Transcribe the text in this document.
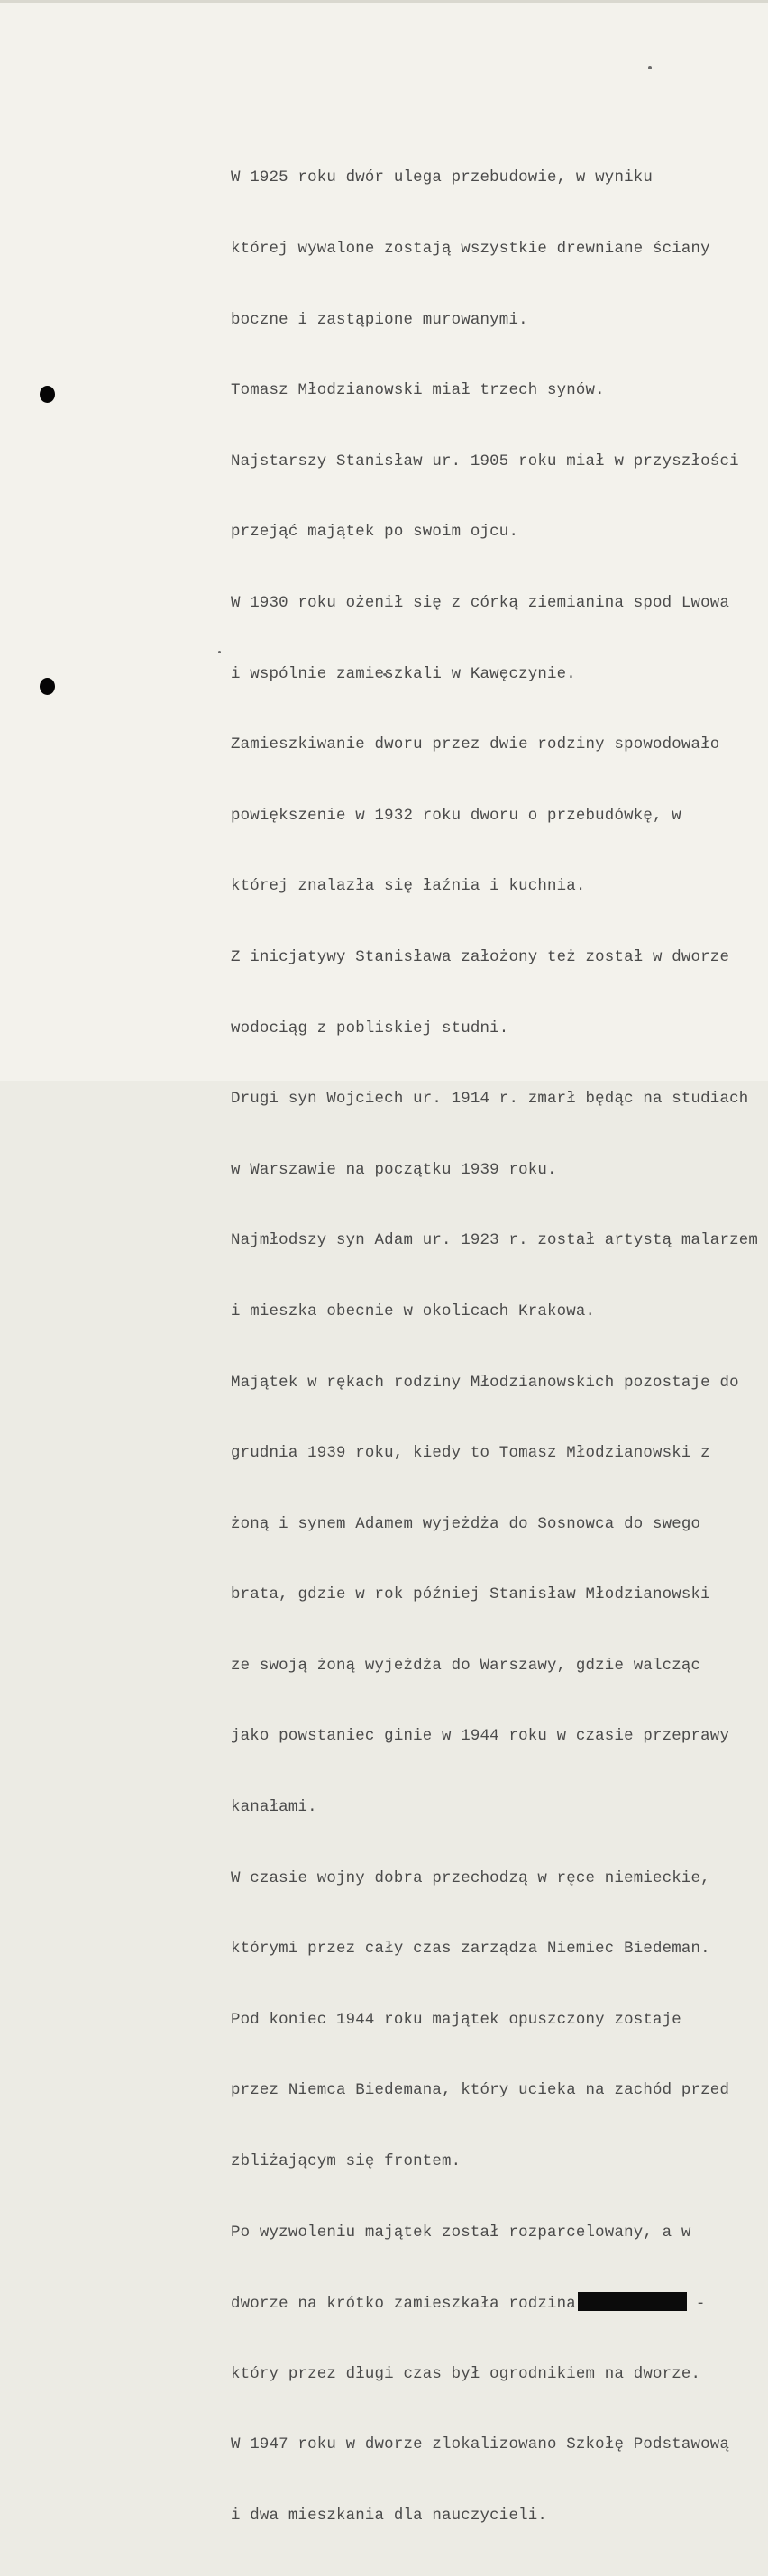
W 1925 roku dwór ulega przebudowie, w wyniku

której wywalone zostają wszystkie drewniane ściany

boczne i zastąpione murowanymi.

Tomasz Młodzianowski miał trzech synów.

Najstarszy Stanisław ur. 1905 roku miał w przyszłości

przejąć majątek po swoim ojcu.

W 1930 roku ożenił się z córką ziemianina spod Lwowa

i wspólnie zamieszkali w Kawęczynie.

Zamieszkiwanie dworu przez dwie rodziny spowodowało

powiększenie w 1932 roku dworu o przebudówkę, w

której znalazła się łaźnia i kuchnia.

Z inicjatywy Stanisława założony też został w dworze

wodociąg z pobliskiej studni.

Drugi syn Wojciech ur. 1914 r. zmarł będąc na studiach

w Warszawie na początku 1939 roku.

Najmłodszy syn Adam ur. 1923 r. został artystą malarzem

i mieszka obecnie w okolicach Krakowa.

Majątek w rękach rodziny Młodzianowskich pozostaje do

grudnia 1939 roku, kiedy to Tomasz Młodzianowski z

żoną i synem Adamem wyjeżdża do Sosnowca do swego

brata, gdzie w rok później Stanisław Młodzianowski

ze swoją żoną wyjeżdża do Warszawy, gdzie walcząc

jako powstaniec ginie w 1944 roku w czasie przeprawy

kanałami.

W czasie wojny dobra przechodzą w ręce niemieckie,

którymi przez cały czas zarządza Niemiec Biedeman.

Pod koniec 1944 roku majątek opuszczony zostaje

przez Niemca Biedemana, który ucieka na zachód przed

zbliżającym się frontem.

Po wyzwoleniu majątek został rozparcelowany, a w

dworze na krótko zamieszkała rodzina	-

który przez długi czas był ogrodnikiem na dworze.

W 1947 roku w dworze zlokalizowano Szkołę Podstawową

i dwa mieszkania dla nauczycieli.
